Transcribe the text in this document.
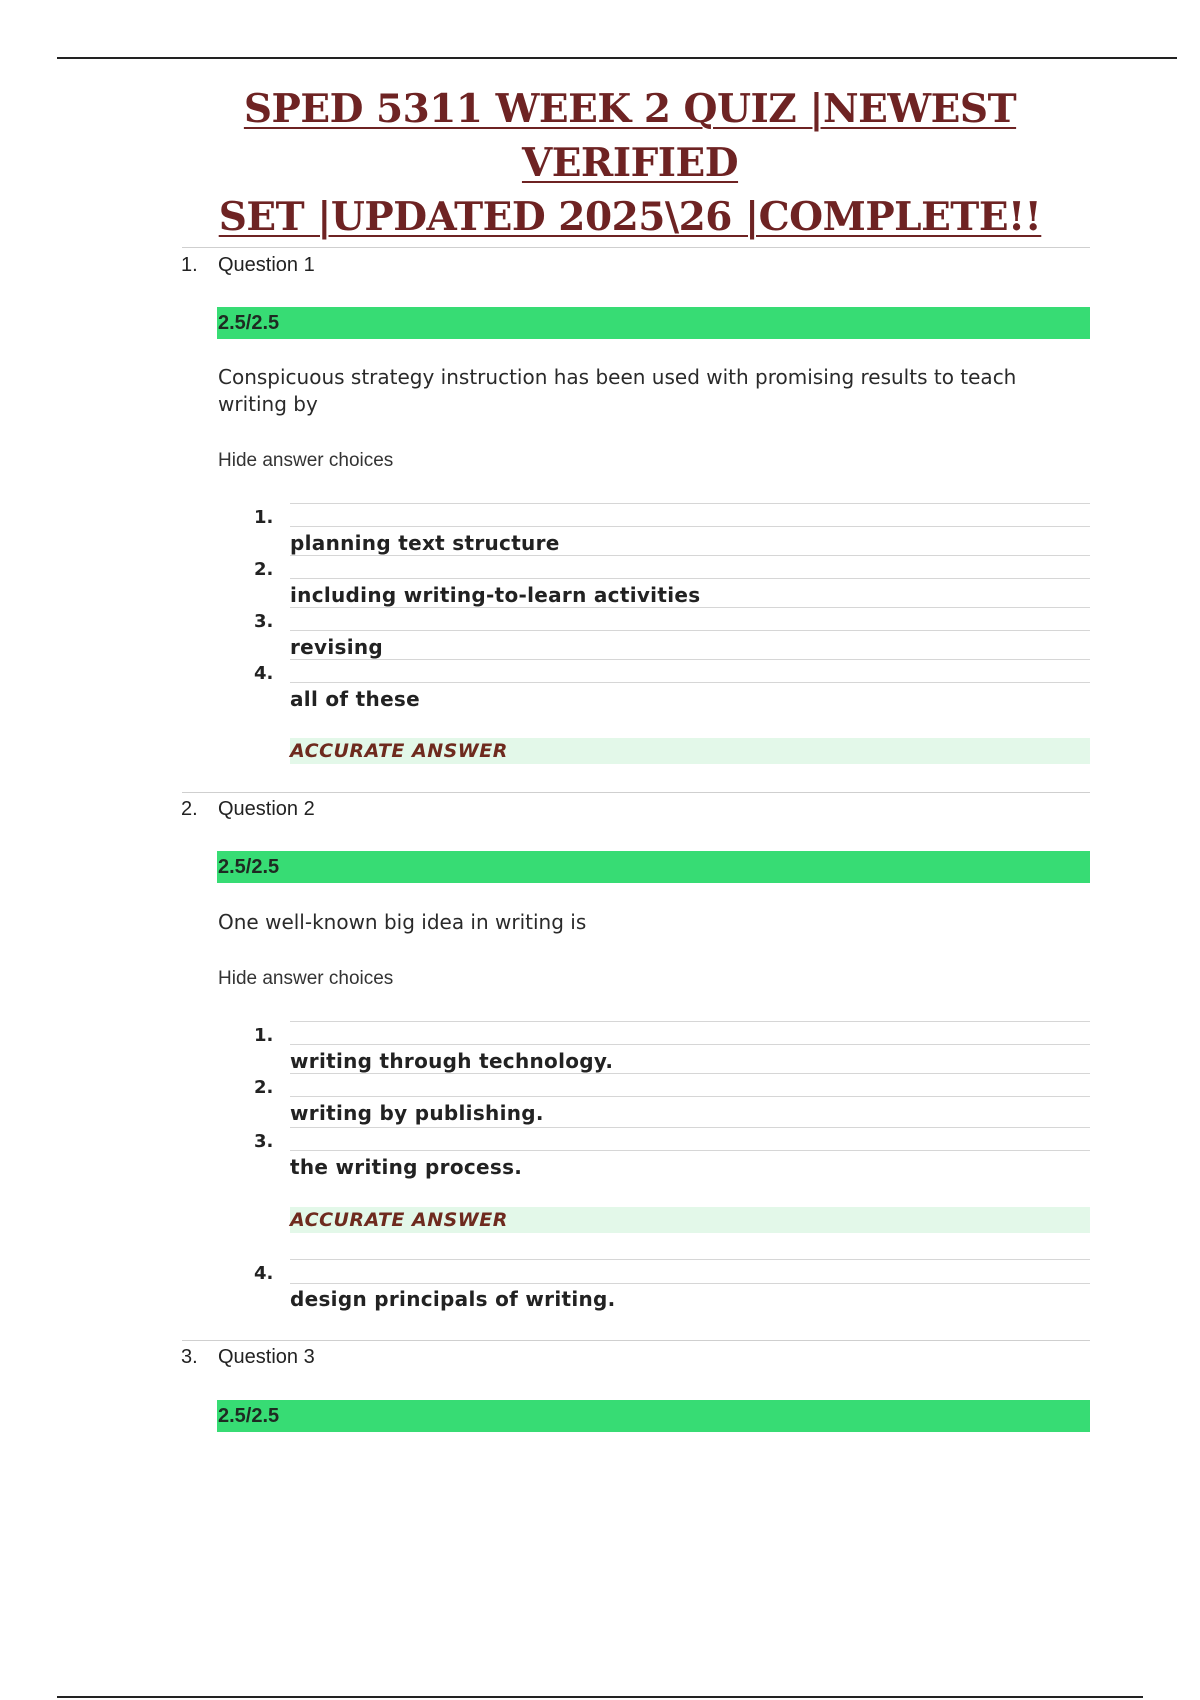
SPED 5311 WEEK 2 QUIZ |NEWEST VERIFIED
SET |UPDATED 2025\26 |COMPLETE!!
1. Question 1
2.5/2.5
Conspicuous strategy instruction has been used with promising results to teach writing by
Hide answer choices
1.
planning text structure
2.
including writing-to-learn activities
3.
revising
4.
all of these
ACCURATE ANSWER
2. Question 2
2.5/2.5
One well-known big idea in writing is
Hide answer choices
1.
writing through technology.
2.
writing by publishing.
3.
the writing process.
ACCURATE ANSWER
4.
design principals of writing.
3. Question 3
2.5/2.5
